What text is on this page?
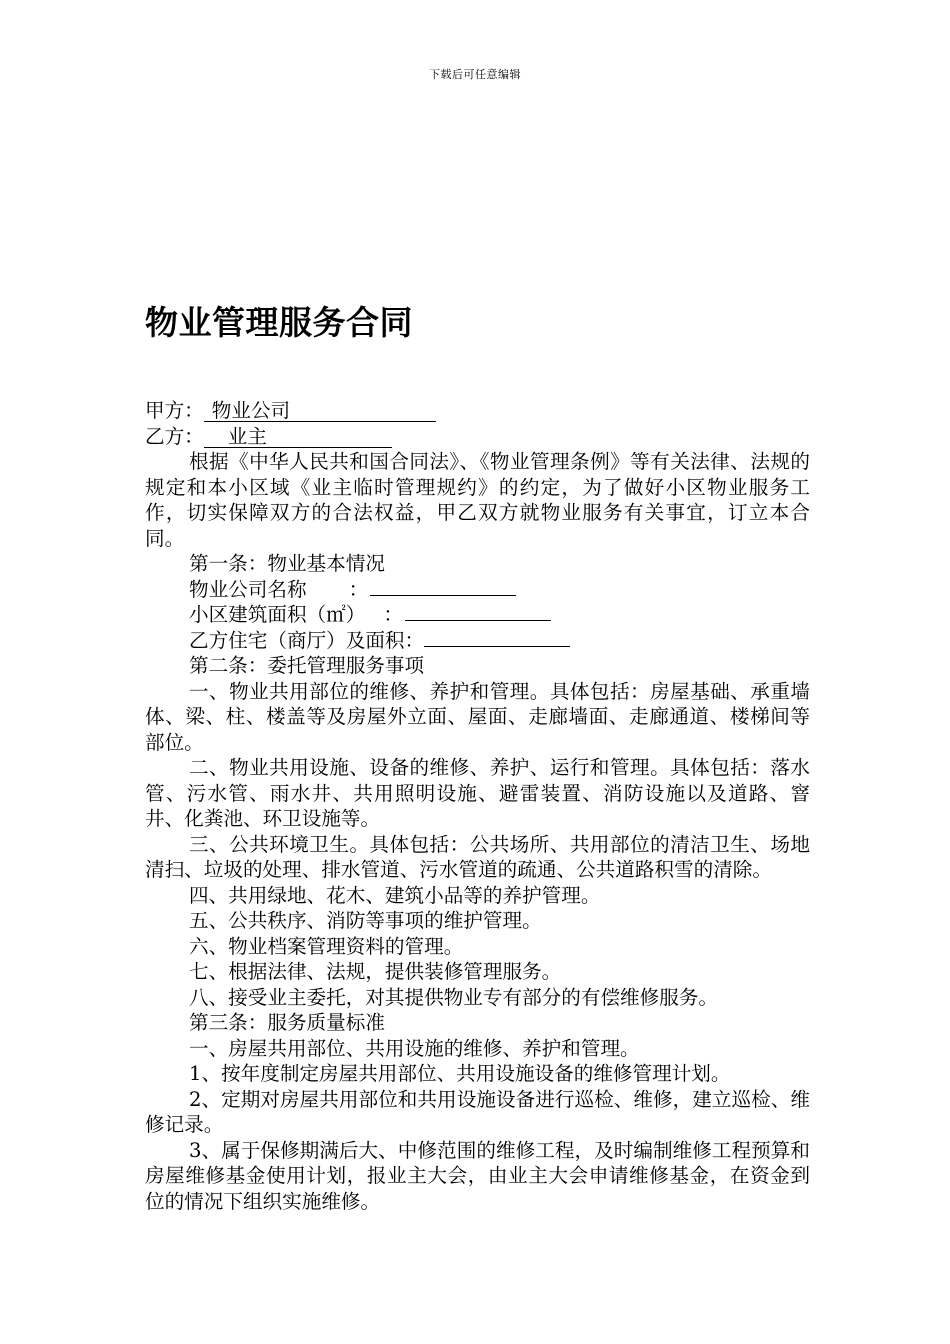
下载后可任意编辑
物业管理服务合同

甲方： 物业公司

乙方： 业主

根据《中华人民共和国合同法》、《物业管理条例》等有关法律、法规的规定和本小区域《业主临时管理规约》的约定，为了做好小区物业服务工作，切实保障双方的合法权益，甲乙双方就物业服务有关事宜，订立本合同。

第一条：物业基本情况

物业公司名称 ：

小区建筑面积（㎡） ：

乙方住宅（商厅）及面积：

第二条：委托管理服务事项

一、物业共用部位的维修、养护和管理。具体包括：房屋基础、承重墙体、梁、柱、楼盖等及房屋外立面、屋面、走廊墙面、走廊通道、楼梯间等部位。

二、物业共用设施、设备的维修、养护、运行和管理。具体包括：落水管、污水管、雨水井、共用照明设施、避雷装置、消防设施以及道路、窨井、化粪池、环卫设施等。

三、公共环境卫生。具体包括：公共场所、共用部位的清洁卫生、场地清扫、垃圾的处理、排水管道、污水管道的疏通、公共道路积雪的清除。

四、共用绿地、花木、建筑小品等的养护管理。

五、公共秩序、消防等事项的维护管理。

六、物业档案管理资料的管理。

七、根据法律、法规，提供装修管理服务。

八、接受业主委托，对其提供物业专有部分的有偿维修服务。

第三条：服务质量标准

一、房屋共用部位、共用设施的维修、养护和管理。

1、按年度制定房屋共用部位、共用设施设备的维修管理计划。

2、定期对房屋共用部位和共用设施设备进行巡检、维修，建立巡检、维修记录。

3、属于保修期满后大、中修范围的维修工程，及时编制维修工程预算和房屋维修基金使用计划，报业主大会，由业主大会申请维修基金，在资金到位的情况下组织实施维修。
